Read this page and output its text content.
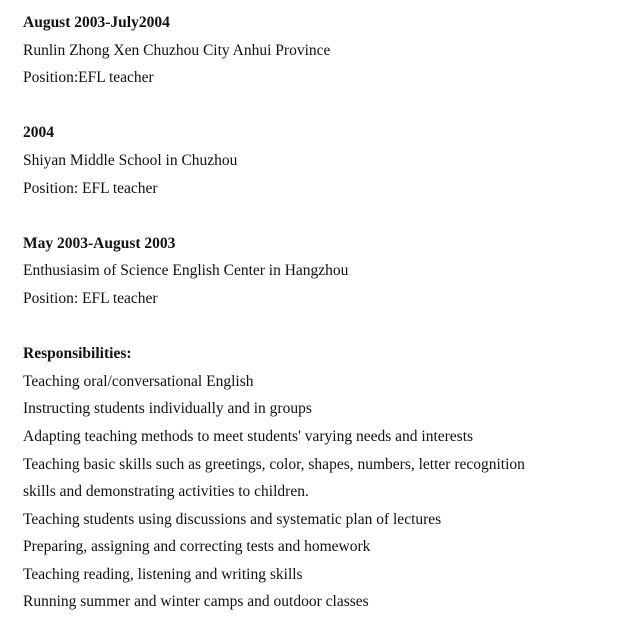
August 2003-July2004
Runlin Zhong Xen Chuzhou City Anhui Province
Position:EFL teacher
2004
Shiyan Middle School in Chuzhou
Position: EFL teacher
May 2003-August 2003
Enthusiasim of Science English Center in Hangzhou
Position: EFL teacher
Responsibilities:
Teaching oral/conversational English
Instructing students individually and in groups
Adapting teaching methods to meet students' varying needs and interests
Teaching basic skills such as greetings, color, shapes, numbers, letter recognition
skills and demonstrating activities to children.
Teaching students using discussions and systematic plan of lectures
Preparing, assigning and correcting tests and homework
Teaching reading, listening and writing skills
Running summer and winter camps and outdoor classes
